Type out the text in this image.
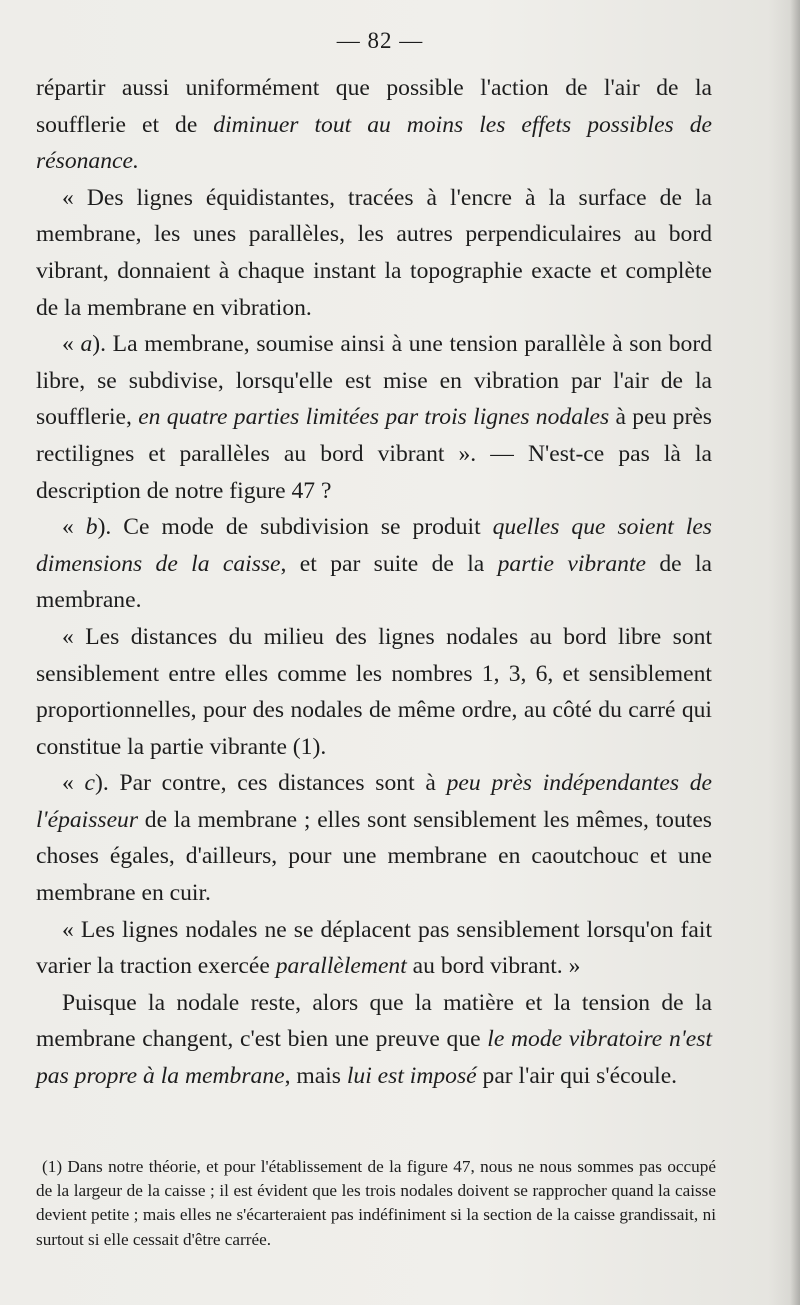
— 82 —

répartir aussi uniformément que possible l'action de l'air de la soufflerie et de diminuer tout au moins les effets possibles de résonance.

« Des lignes équidistantes, tracées à l'encre à la surface de la membrane, les unes parallèles, les autres perpendiculaires au bord vibrant, donnaient à chaque instant la topographie exacte et complète de la membrane en vibration.

« a). La membrane, soumise ainsi à une tension parallèle à son bord libre, se subdivise, lorsqu'elle est mise en vibration par l'air de la soufflerie, en quatre parties limitées par trois lignes nodales à peu près rectilignes et parallèles au bord vibrant ». — N'est-ce pas là la description de notre figure 47 ?

« b). Ce mode de subdivision se produit quelles que soient les dimensions de la caisse, et par suite de la partie vibrante de la membrane.

« Les distances du milieu des lignes nodales au bord libre sont sensiblement entre elles comme les nombres 1, 3, 6, et sensiblement proportionnelles, pour des nodales de même ordre, au côté du carré qui constitue la partie vibrante (1).

« c). Par contre, ces distances sont à peu près indépendantes de l'épaisseur de la membrane ; elles sont sensiblement les mêmes, toutes choses égales, d'ailleurs, pour une membrane en caoutchouc et une membrane en cuir.

« Les lignes nodales ne se déplacent pas sensiblement lorsqu'on fait varier la traction exercée parallèlement au bord vibrant. »

Puisque la nodale reste, alors que la matière et la tension de la membrane changent, c'est bien une preuve que le mode vibratoire n'est pas propre à la membrane, mais lui est imposé par l'air qui s'écoule.

(1) Dans notre théorie, et pour l'établissement de la figure 47, nous ne nous sommes pas occupé de la largeur de la caisse ; il est évident que les trois nodales doivent se rapprocher quand la caisse devient petite ; mais elles ne s'écarteraient pas indéfiniment si la section de la caisse grandissait, ni surtout si elle cessait d'être carrée.
